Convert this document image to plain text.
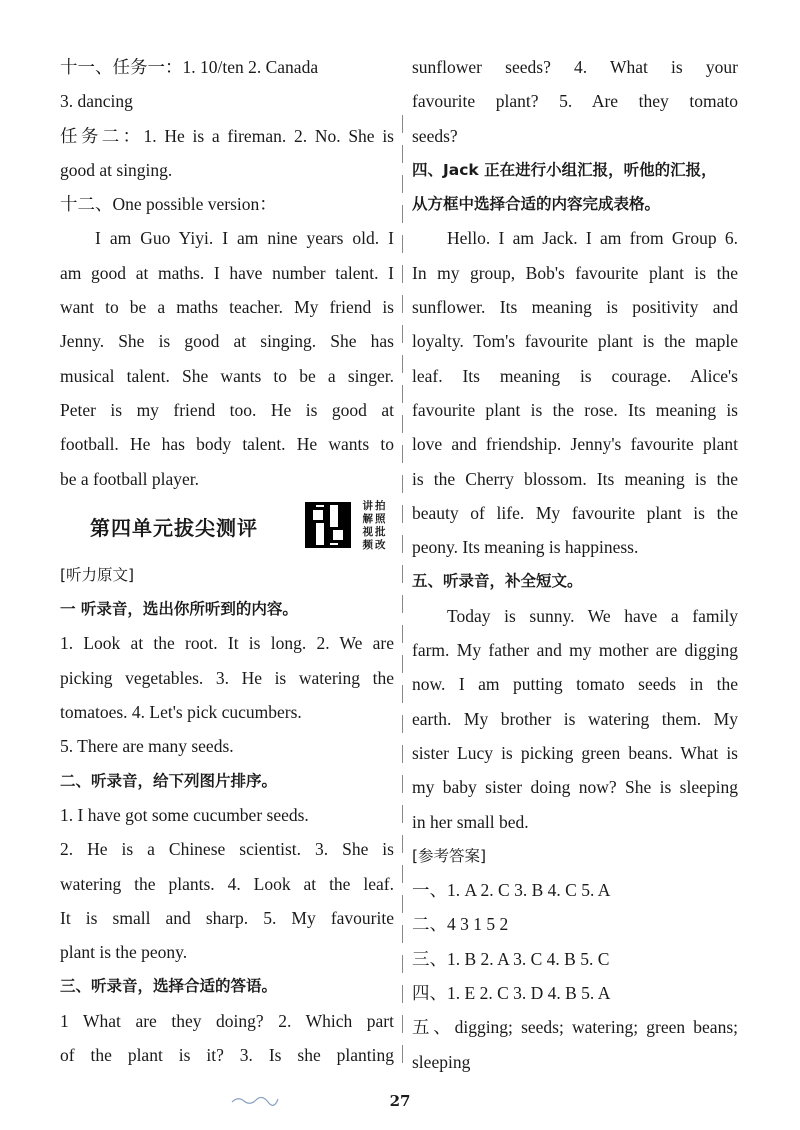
十一、任务一：1. 10/ten 2. Canada
3. dancing
任务二：1. He is a fireman. 2. No. She is
good at singing.
十二、One possible version：
I am Guo Yiyi. I am nine years old. I
am good at maths. I have number talent. I
want to be a maths teacher. My friend is
Jenny. She is good at singing. She has
musical talent. She wants to be a singer.
Peter is my friend too. He is good at
football. He has body talent. He wants to
be a football player.
第四单元拔尖测评
讲拍解照视批频改
[听力原文]
一 听录音，选出你所听到的内容。
1. Look at the root. It is long. 2. We are
picking vegetables. 3. He is watering the
tomatoes. 4. Let's pick cucumbers.
5. There are many seeds.
二、听录音，给下列图片排序。
1. I have got some cucumber seeds.
2. He is a Chinese scientist. 3. She is
watering the plants. 4. Look at the leaf.
It is small and sharp. 5. My favourite
plant is the peony.
三、听录音，选择合适的答语。
1 What are they doing? 2. Which part
of the plant is it? 3. Is she planting
sunflower seeds? 4. What is your
favourite plant? 5. Are they tomato
seeds?
四、Jack 正在进行小组汇报，听他的汇报，
从方框中选择合适的内容完成表格。
Hello. I am Jack. I am from Group 6.
In my group, Bob's favourite plant is the
sunflower. Its meaning is positivity and
loyalty. Tom's favourite plant is the maple
leaf. Its meaning is courage. Alice's
favourite plant is the rose. Its meaning is
love and friendship. Jenny's favourite plant
is the Cherry blossom. Its meaning is the
beauty of life. My favourite plant is the
peony. Its meaning is happiness.
五、听录音，补全短文。
Today is sunny. We have a family
farm. My father and my mother are digging
now. I am putting tomato seeds in the
earth. My brother is watering them. My
sister Lucy is picking green beans. What is
my baby sister doing now? She is sleeping
in her small bed.
[参考答案]
一、1. A 2. C 3. B 4. C 5. A
二、4 3 1 5 2
三、1. B 2. A 3. C 4. B 5. C
四、1. E 2. C 3. D 4. B 5. A
五、digging; seeds; watering; green beans;
sleeping
27
